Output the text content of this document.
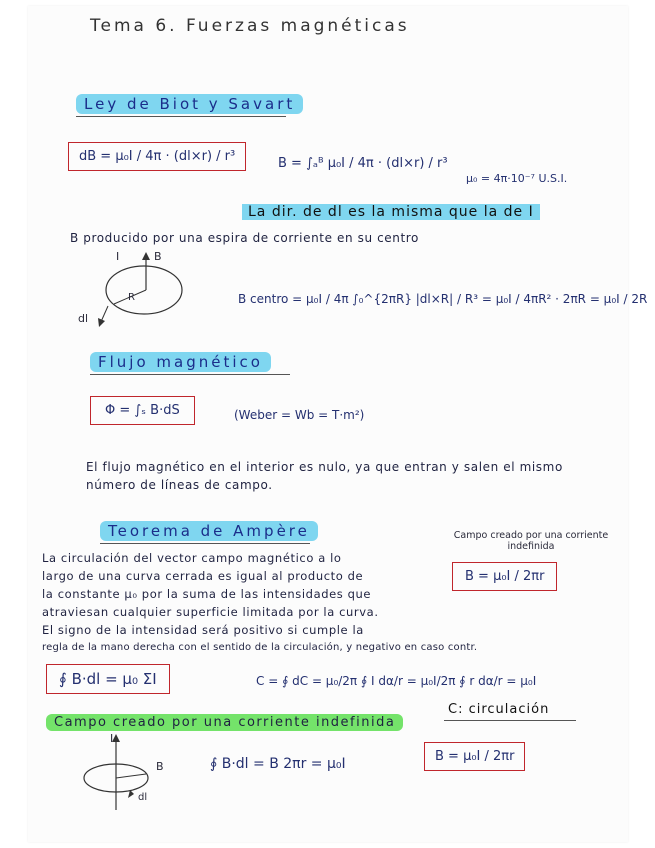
Tema 6. Fuerzas magnéticas
Ley de Biot y Savart
dB = μ₀I / 4π · (dl×r) / r³	B = ∫ₐᴮ μ₀I / 4π · (dl×r) / r³
μ₀ = 4π·10⁻⁷ U.S.I.
La dir. de dl es la misma que la de I
B producido por una espira de corriente en su centro
I	B
R
dl
B centro = μ₀I / 4π ∫₀^{2πR} |dl×R| / R³ = μ₀I / 4πR² · 2πR = μ₀I / 2R
Flujo magnético
Φ = ∫ₛ B·dS	(Weber = Wb = T·m²)
El flujo magnético en el interior es nulo, ya que entran y salen el mismo número de líneas de campo.
Teorema de Ampère	Campo creado por una corriente indefinida
B = μ₀I / 2πr
La circulación del vector campo magnético a lo
largo de una curva cerrada es igual al producto de
la constante μ₀ por la suma de las intensidades que
atraviesan cualquier superficie limitada por la curva.
El signo de la intensidad será positivo si cumple la
regla de la mano derecha con el sentido de la circulación, y negativo en caso contr.
∮ B·dl = μ₀ ΣI	C = ∮ dC = μ₀/2π ∮ I dα/r = μ₀I/2π ∮ r dα/r = μ₀I
Campo creado por una corriente indefinida
C: circulación
I
B
dl
∮ B·dl = B 2πr = μ₀I	B = μ₀I / 2πr
